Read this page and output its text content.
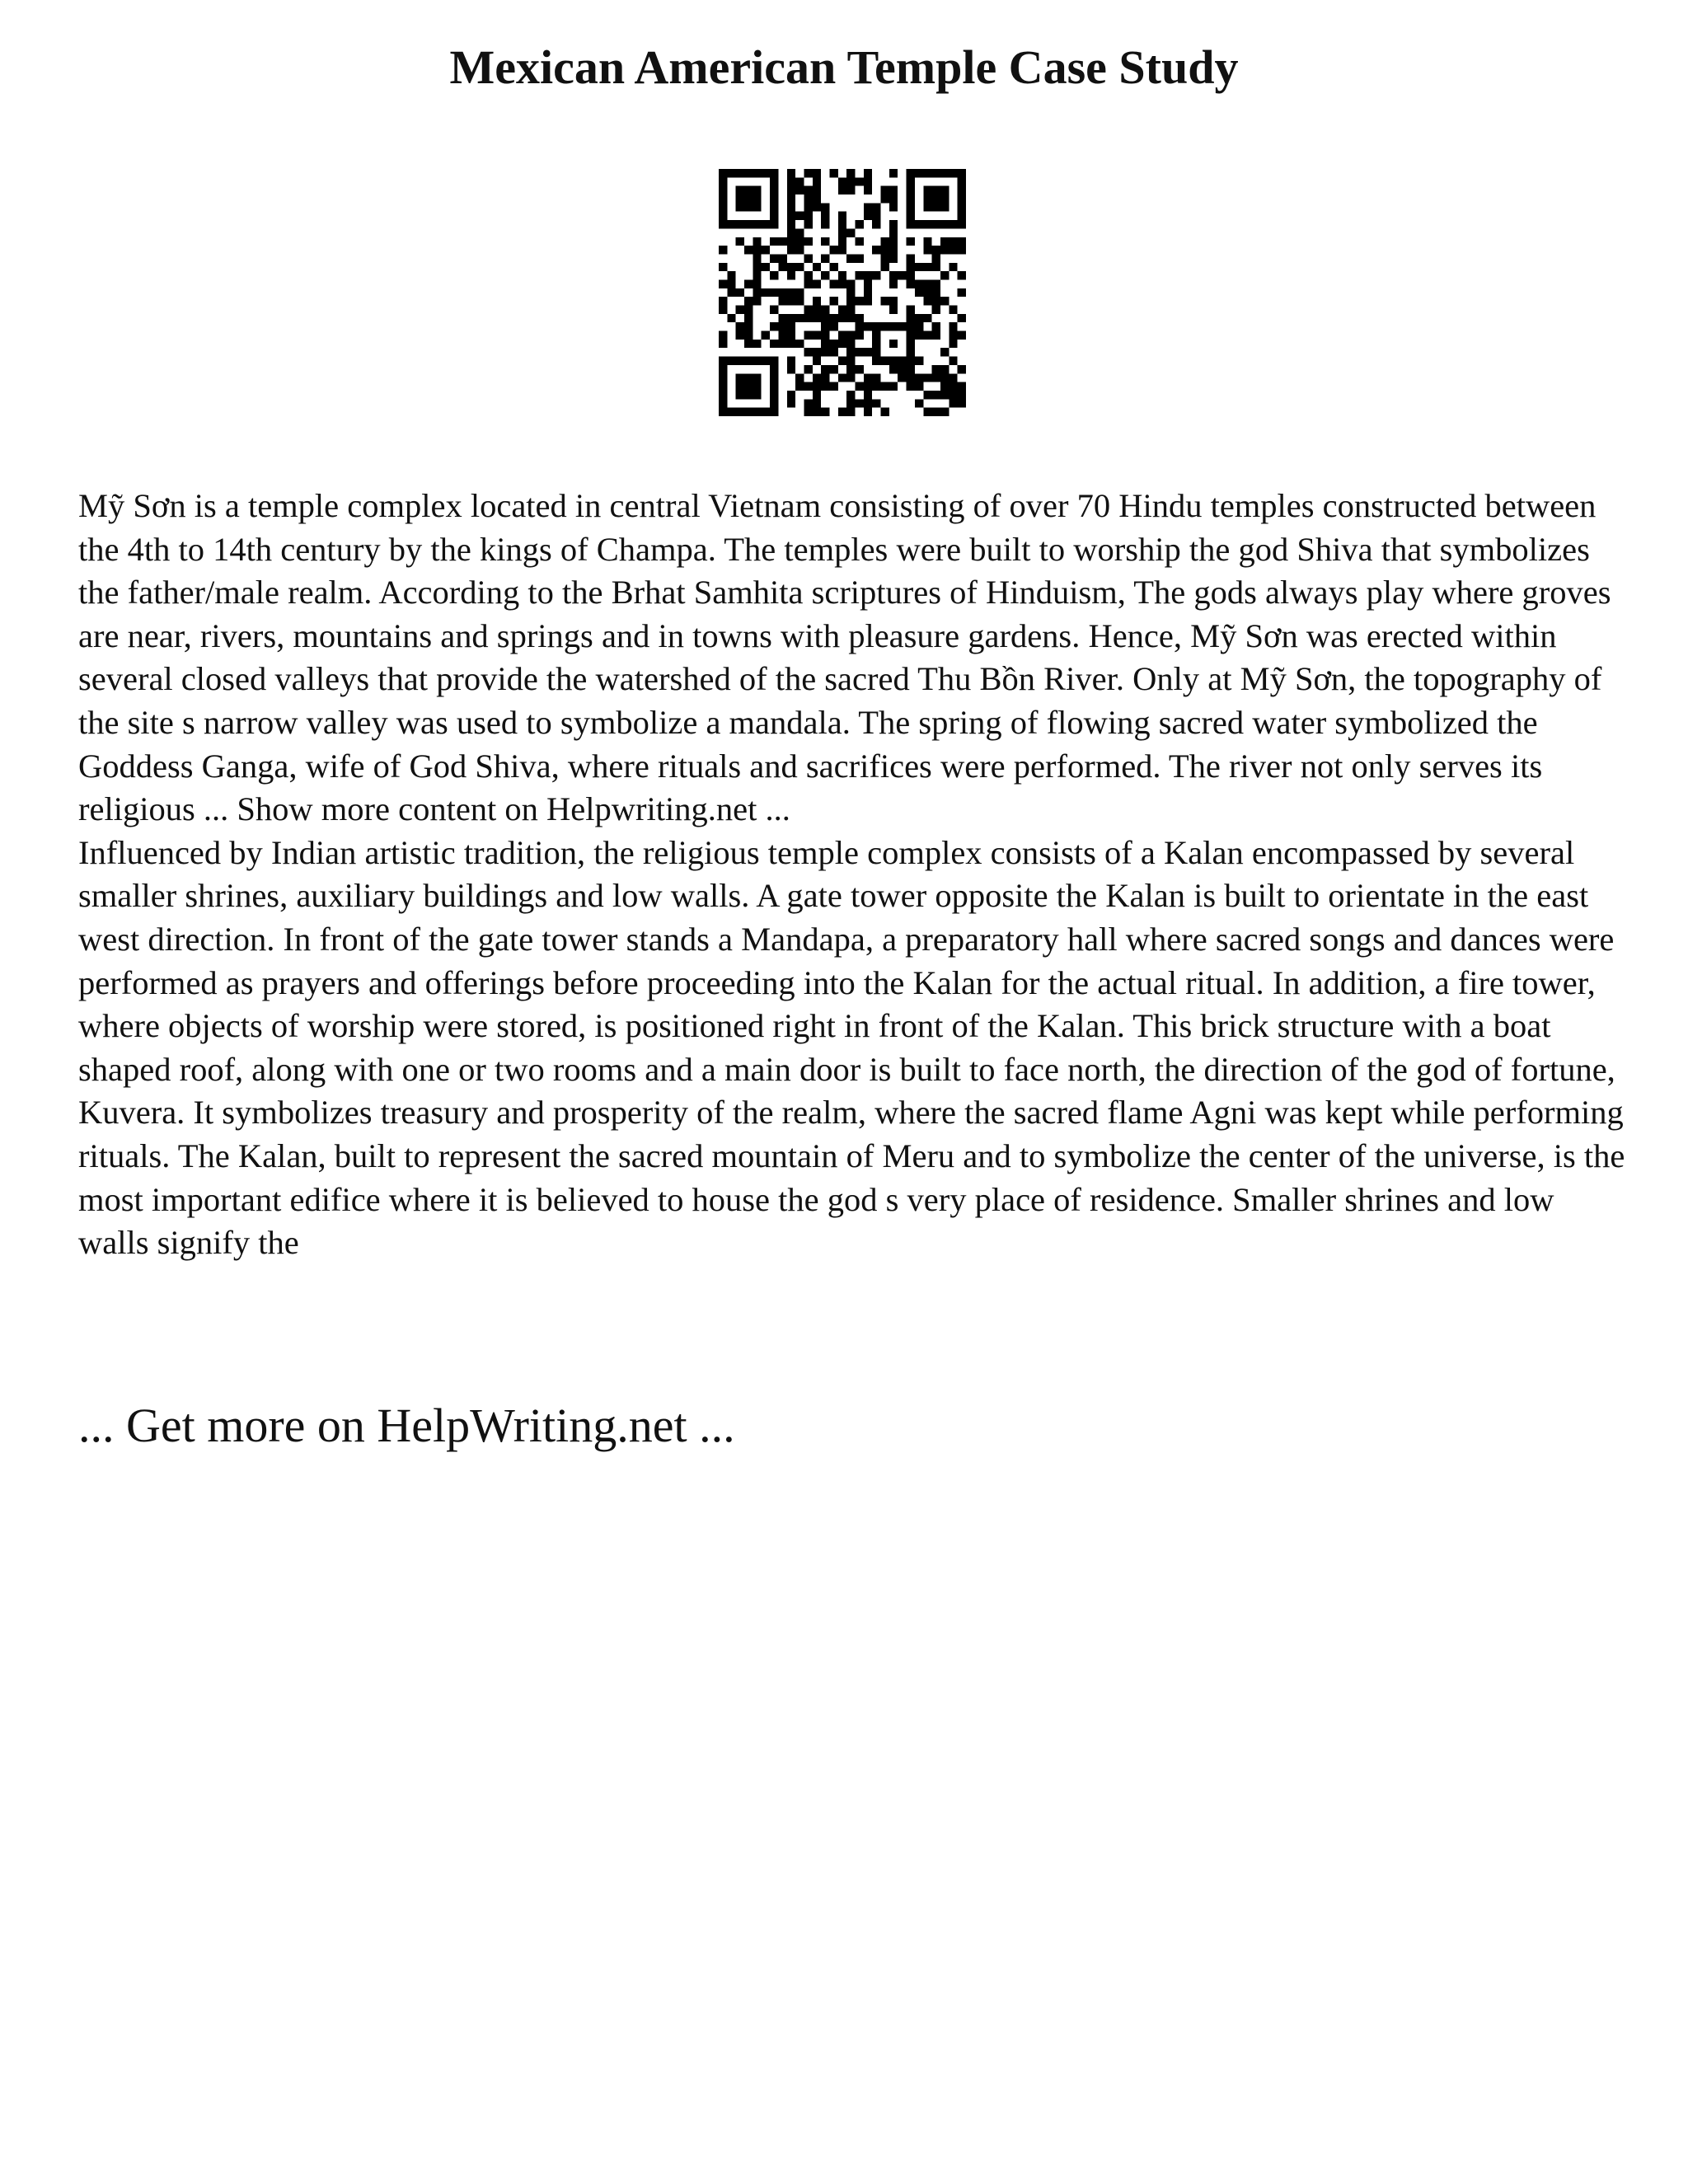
Mexican American Temple Case Study

Mỹ Sơn is a temple complex located in central Vietnam consisting of over 70 Hindu temples constructed between the 4th to 14th century by the kings of Champa. The temples were built to worship the god Shiva that symbolizes the father/male realm. According to the Brhat Samhita scriptures of Hinduism, The gods always play where groves are near, rivers, mountains and springs and in towns with pleasure gardens. Hence, Mỹ Sơn was erected within several closed valleys that provide the watershed of the sacred Thu Bồn River. Only at Mỹ Sơn, the topography of the site s narrow valley was used to symbolize a mandala. The spring of flowing sacred water symbolized the Goddess Ganga, wife of God Shiva, where rituals and sacrifices were performed. The river not only serves its religious ... Show more content on Helpwriting.net ...

Influenced by Indian artistic tradition, the religious temple complex consists of a Kalan encompassed by several smaller shrines, auxiliary buildings and low walls. A gate tower opposite the Kalan is built to orientate in the east west direction. In front of the gate tower stands a Mandapa, a preparatory hall where sacred songs and dances were performed as prayers and offerings before proceeding into the Kalan for the actual ritual. In addition, a fire tower, where objects of worship were stored, is positioned right in front of the Kalan. This brick structure with a boat shaped roof, along with one or two rooms and a main door is built to face north, the direction of the god of fortune, Kuvera. It symbolizes treasury and prosperity of the realm, where the sacred flame Agni was kept while performing rituals. The Kalan, built to represent the sacred mountain of Meru and to symbolize the center of the universe, is the most important edifice where it is believed to house the god s very place of residence. Smaller shrines and low walls signify the

... Get more on HelpWriting.net ...
